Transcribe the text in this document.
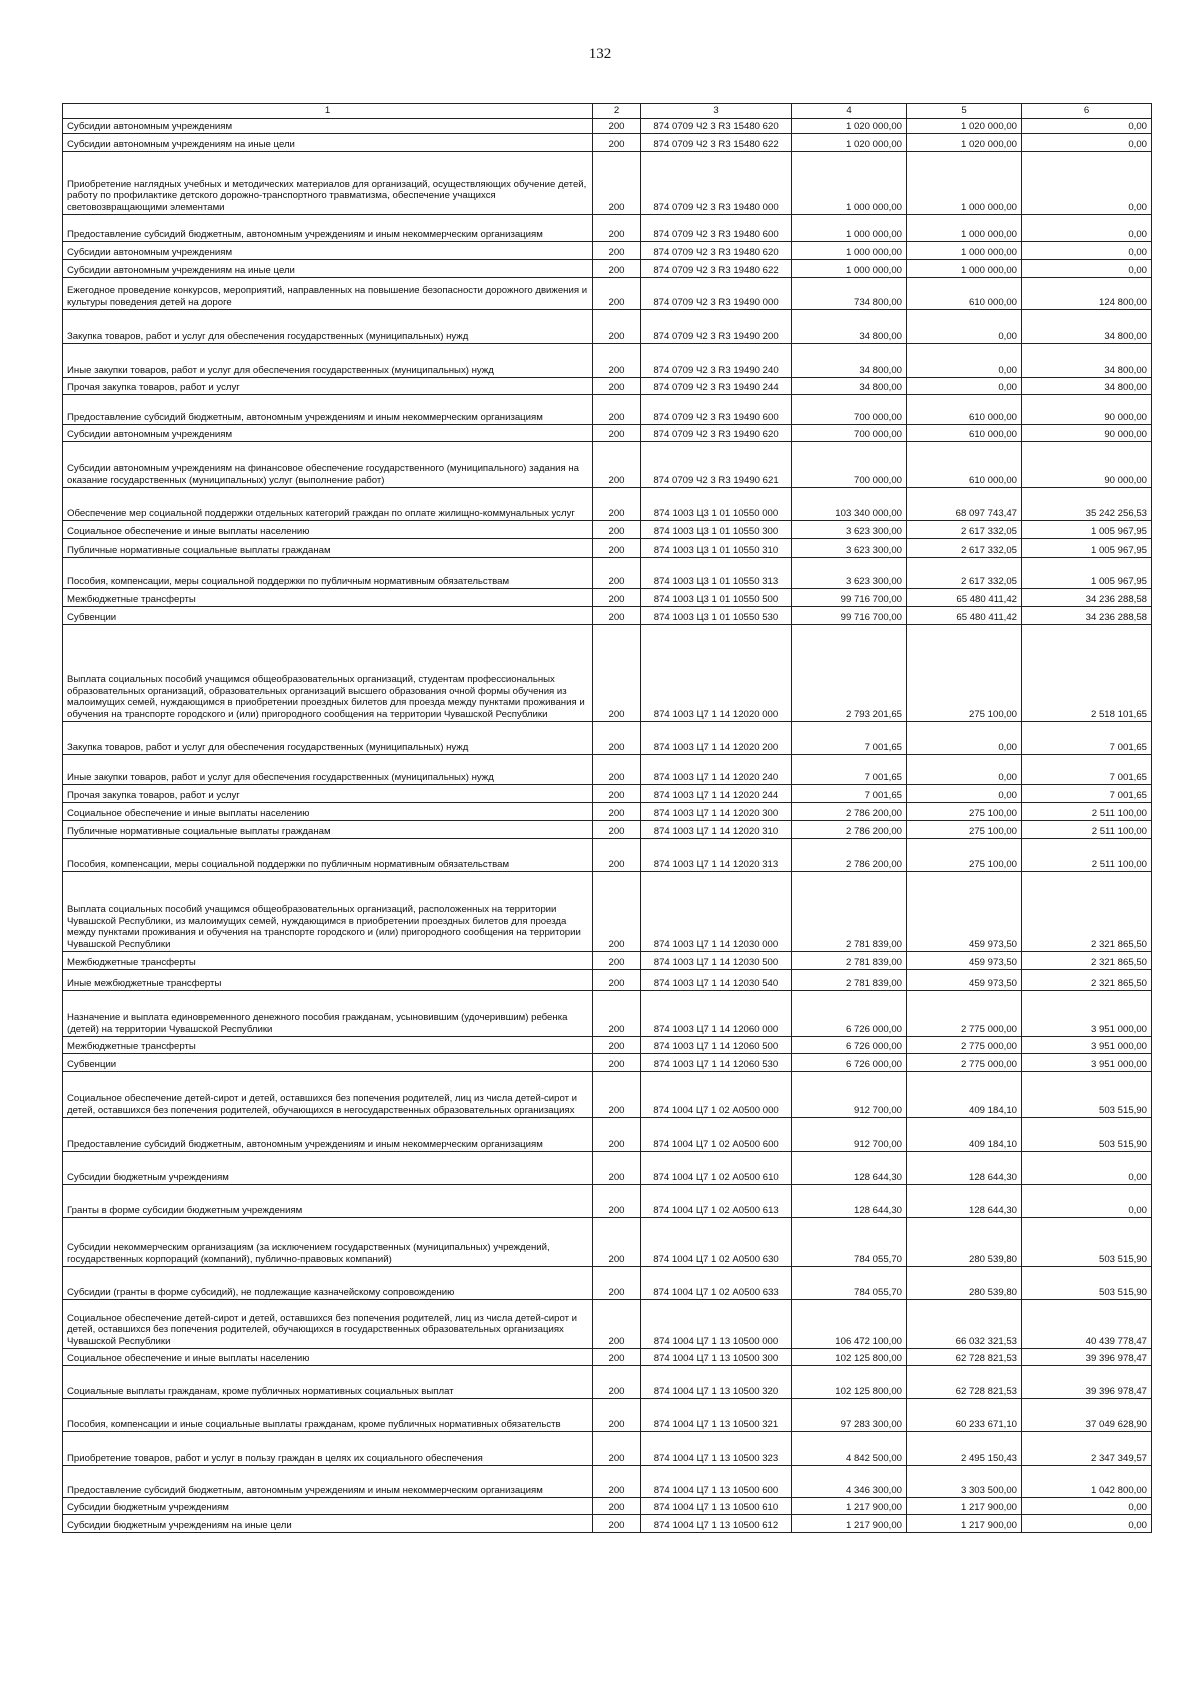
132
1	2	3	4	5	6
Субсидии автономным учреждениям	200	874 0709 Ч2 3 R3 15480 620	1 020 000,00	1 020 000,00	0,00
Субсидии автономным учреждениям на иные цели	200	874 0709 Ч2 3 R3 15480 622	1 020 000,00	1 020 000,00	0,00
Приобретение наглядных учебных и методических материалов для организаций, осуществляющих обучение детей, работу по профилактике детского дорожно-транспортного травматизма, обеспечение учащихся световозвращающими элементами	200	874 0709 Ч2 3 R3 19480 000	1 000 000,00	1 000 000,00	0,00
Предоставление субсидий бюджетным, автономным учреждениям и иным некоммерческим организациям	200	874 0709 Ч2 3 R3 19480 600	1 000 000,00	1 000 000,00	0,00
Субсидии автономным учреждениям	200	874 0709 Ч2 3 R3 19480 620	1 000 000,00	1 000 000,00	0,00
Субсидии автономным учреждениям на иные цели	200	874 0709 Ч2 3 R3 19480 622	1 000 000,00	1 000 000,00	0,00
Ежегодное проведение конкурсов, мероприятий, направленных на повышение безопасности дорожного движения и культуры поведения детей на дороге	200	874 0709 Ч2 3 R3 19490 000	734 800,00	610 000,00	124 800,00
Закупка товаров, работ и услуг для обеспечения государственных (муниципальных) нужд	200	874 0709 Ч2 3 R3 19490 200	34 800,00	0,00	34 800,00
Иные закупки товаров, работ и услуг для обеспечения государственных (муниципальных) нужд	200	874 0709 Ч2 3 R3 19490 240	34 800,00	0,00	34 800,00
Прочая закупка товаров, работ и услуг	200	874 0709 Ч2 3 R3 19490 244	34 800,00	0,00	34 800,00
Предоставление субсидий бюджетным, автономным учреждениям и иным некоммерческим организациям	200	874 0709 Ч2 3 R3 19490 600	700 000,00	610 000,00	90 000,00
Субсидии автономным учреждениям	200	874 0709 Ч2 3 R3 19490 620	700 000,00	610 000,00	90 000,00
Субсидии автономным учреждениям на финансовое обеспечение государственного (муниципального) задания на оказание государственных (муниципальных) услуг (выполнение работ)	200	874 0709 Ч2 3 R3 19490 621	700 000,00	610 000,00	90 000,00
Обеспечение мер социальной поддержки отдельных категорий граждан по оплате жилищно-коммунальных услуг	200	874 1003 Ц3 1 01 10550 000	103 340 000,00	68 097 743,47	35 242 256,53
Социальное обеспечение и иные выплаты населению	200	874 1003 Ц3 1 01 10550 300	3 623 300,00	2 617 332,05	1 005 967,95
Публичные нормативные социальные выплаты гражданам	200	874 1003 Ц3 1 01 10550 310	3 623 300,00	2 617 332,05	1 005 967,95
Пособия, компенсации, меры социальной поддержки по публичным нормативным обязательствам	200	874 1003 Ц3 1 01 10550 313	3 623 300,00	2 617 332,05	1 005 967,95
Межбюджетные трансферты	200	874 1003 Ц3 1 01 10550 500	99 716 700,00	65 480 411,42	34 236 288,58
Субвенции	200	874 1003 Ц3 1 01 10550 530	99 716 700,00	65 480 411,42	34 236 288,58
Выплата социальных пособий учащимся общеобразовательных организаций, студентам профессиональных образовательных организаций, образовательных организаций высшего образования очной формы обучения из малоимущих семей, нуждающимся в приобретении проездных билетов для проезда между пунктами проживания и обучения на транспорте городского и (или) пригородного сообщения на территории Чувашской Республики	200	874 1003 Ц7 1 14 12020 000	2 793 201,65	275 100,00	2 518 101,65
Закупка товаров, работ и услуг для обеспечения государственных (муниципальных) нужд	200	874 1003 Ц7 1 14 12020 200	7 001,65	0,00	7 001,65
Иные закупки товаров, работ и услуг для обеспечения государственных (муниципальных) нужд	200	874 1003 Ц7 1 14 12020 240	7 001,65	0,00	7 001,65
Прочая закупка товаров, работ и услуг	200	874 1003 Ц7 1 14 12020 244	7 001,65	0,00	7 001,65
Социальное обеспечение и иные выплаты населению	200	874 1003 Ц7 1 14 12020 300	2 786 200,00	275 100,00	2 511 100,00
Публичные нормативные социальные выплаты гражданам	200	874 1003 Ц7 1 14 12020 310	2 786 200,00	275 100,00	2 511 100,00
Пособия, компенсации, меры социальной поддержки по публичным нормативным обязательствам	200	874 1003 Ц7 1 14 12020 313	2 786 200,00	275 100,00	2 511 100,00
Выплата социальных пособий учащимся общеобразовательных организаций, расположенных на территории Чувашской Республики, из малоимущих семей, нуждающимся в приобретении проездных билетов для проезда между пунктами проживания и обучения на транспорте городского и (или) пригородного сообщения на территории Чувашской Республики	200	874 1003 Ц7 1 14 12030 000	2 781 839,00	459 973,50	2 321 865,50
Межбюджетные трансферты	200	874 1003 Ц7 1 14 12030 500	2 781 839,00	459 973,50	2 321 865,50
Иные межбюджетные трансферты	200	874 1003 Ц7 1 14 12030 540	2 781 839,00	459 973,50	2 321 865,50
Назначение и выплата единовременного денежного пособия гражданам, усыновившим (удочерившим) ребенка (детей) на территории Чувашской Республики	200	874 1003 Ц7 1 14 12060 000	6 726 000,00	2 775 000,00	3 951 000,00
Межбюджетные трансферты	200	874 1003 Ц7 1 14 12060 500	6 726 000,00	2 775 000,00	3 951 000,00
Субвенции	200	874 1003 Ц7 1 14 12060 530	6 726 000,00	2 775 000,00	3 951 000,00
Социальное обеспечение детей-сирот и детей, оставшихся без попечения родителей, лиц из числа детей-сирот и детей, оставшихся без попечения родителей, обучающихся в негосударственных образовательных организациях	200	874 1004 Ц7 1 02 А0500 000	912 700,00	409 184,10	503 515,90
Предоставление субсидий бюджетным, автономным учреждениям и иным некоммерческим организациям	200	874 1004 Ц7 1 02 А0500 600	912 700,00	409 184,10	503 515,90
Субсидии бюджетным учреждениям	200	874 1004 Ц7 1 02 А0500 610	128 644,30	128 644,30	0,00
Гранты в форме субсидии бюджетным учреждениям	200	874 1004 Ц7 1 02 А0500 613	128 644,30	128 644,30	0,00
Субсидии некоммерческим организациям (за исключением государственных (муниципальных) учреждений, государственных корпораций (компаний), публично-правовых компаний)	200	874 1004 Ц7 1 02 А0500 630	784 055,70	280 539,80	503 515,90
Субсидии (гранты в форме субсидий), не подлежащие казначейскому сопровождению	200	874 1004 Ц7 1 02 А0500 633	784 055,70	280 539,80	503 515,90
Социальное обеспечение детей-сирот и детей, оставшихся без попечения родителей, лиц из числа детей-сирот и детей, оставшихся без попечения родителей, обучающихся в государственных образовательных организациях Чувашской Республики	200	874 1004 Ц7 1 13 10500 000	106 472 100,00	66 032 321,53	40 439 778,47
Социальное обеспечение и иные выплаты населению	200	874 1004 Ц7 1 13 10500 300	102 125 800,00	62 728 821,53	39 396 978,47
Социальные выплаты гражданам, кроме публичных нормативных социальных выплат	200	874 1004 Ц7 1 13 10500 320	102 125 800,00	62 728 821,53	39 396 978,47
Пособия, компенсации и иные социальные выплаты гражданам, кроме публичных нормативных обязательств	200	874 1004 Ц7 1 13 10500 321	97 283 300,00	60 233 671,10	37 049 628,90
Приобретение товаров, работ и услуг в пользу граждан в целях их социального обеспечения	200	874 1004 Ц7 1 13 10500 323	4 842 500,00	2 495 150,43	2 347 349,57
Предоставление субсидий бюджетным, автономным учреждениям и иным некоммерческим организациям	200	874 1004 Ц7 1 13 10500 600	4 346 300,00	3 303 500,00	1 042 800,00
Субсидии бюджетным учреждениям	200	874 1004 Ц7 1 13 10500 610	1 217 900,00	1 217 900,00	0,00
Субсидии бюджетным учреждениям на иные цели	200	874 1004 Ц7 1 13 10500 612	1 217 900,00	1 217 900,00	0,00
